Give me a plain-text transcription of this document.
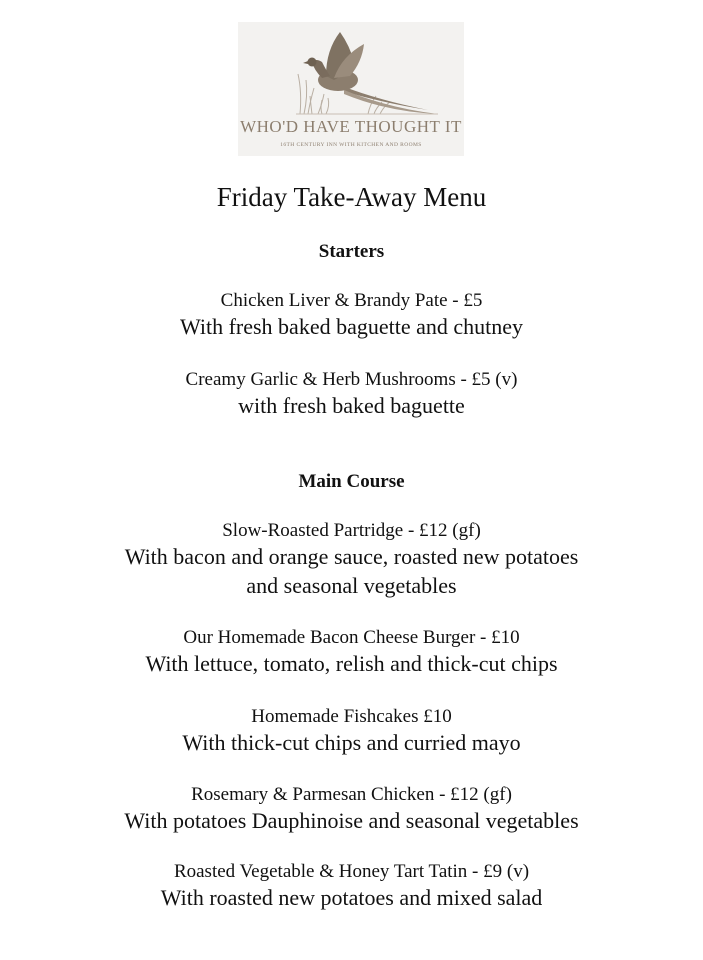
WHO'D HAVE THOUGHT IT
16TH CENTURY INN WITH KITCHEN AND ROOMS
Friday Take-Away Menu
Starters
Chicken Liver & Brandy Pate - £5
With fresh baked baguette and chutney
Creamy Garlic & Herb Mushrooms - £5 (v)
with fresh baked baguette
Main Course
Slow-Roasted Partridge - £12 (gf)
With bacon and orange sauce, roasted new potatoes
and seasonal vegetables
Our Homemade Bacon Cheese Burger - £10
With lettuce, tomato, relish and thick-cut chips
Homemade Fishcakes £10
With thick-cut chips and curried mayo
Rosemary & Parmesan Chicken - £12 (gf)
With potatoes Dauphinoise and seasonal vegetables
Roasted Vegetable & Honey Tart Tatin - £9 (v)
With roasted new potatoes and mixed salad
